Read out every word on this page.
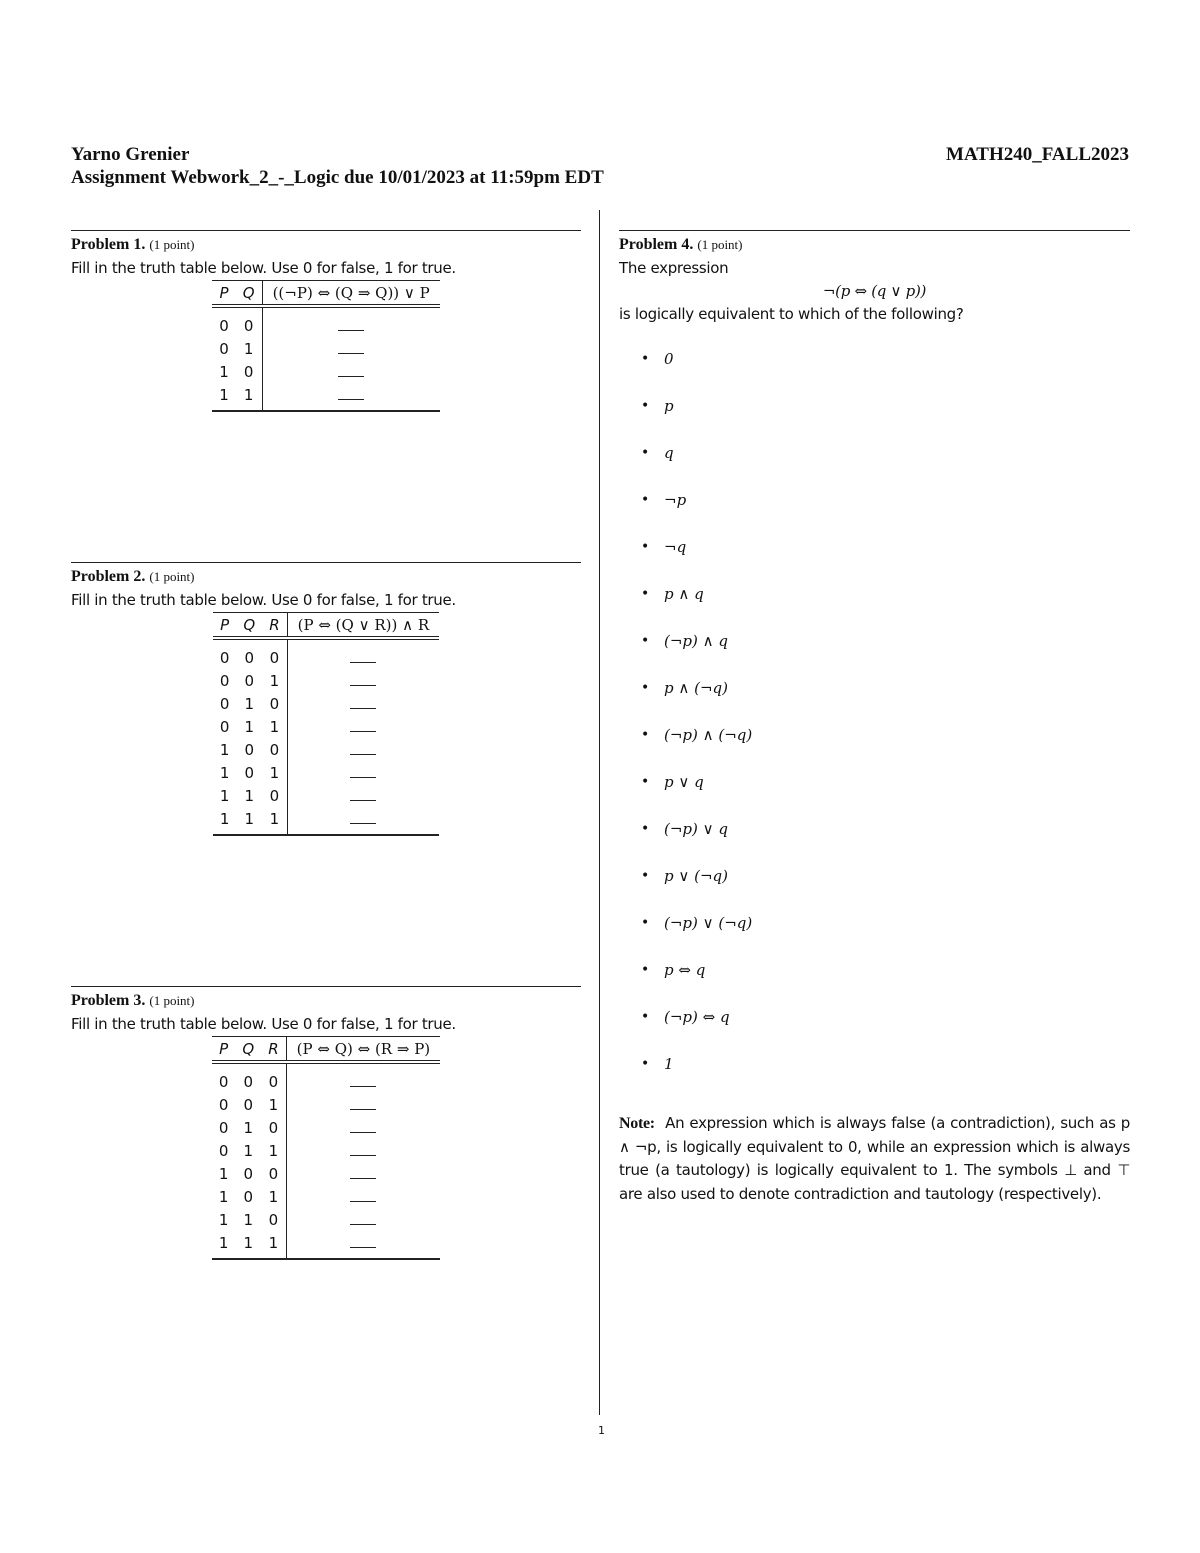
Yarno Grenier	MATH240_FALL2023
Assignment Webwork_2_-_Logic due 10/01/2023 at 11:59pm EDT
Problem 1. (1 point)
Fill in the truth table below. Use 0 for false, 1 for true.
P	Q	((¬P) ⇔ (Q ⇒ Q)) ∨ P
0	0	
0	1	
1	0	
1	1	
Problem 2. (1 point)
Fill in the truth table below. Use 0 for false, 1 for true.
P	Q	R	(P ⇔ (Q ∨ R)) ∧ R
0	0	0	
0	0	1	
0	1	0	
0	1	1	
1	0	0	
1	0	1	
1	1	0	
1	1	1	
Problem 3. (1 point)
Fill in the truth table below. Use 0 for false, 1 for true.
P	Q	R	(P ⇔ Q) ⇔ (R ⇒ P)
0	0	0	
0	0	1	
0	1	0	
0	1	1	
1	0	0	
1	0	1	
1	1	0	
1	1	1	
Problem 4. (1 point)
The expression
¬(p ⇔ (q ∨ p))
is logically equivalent to which of the following?
• 0
• p
• q
• ¬p
• ¬q
• p ∧ q
• (¬p) ∧ q
• p ∧ (¬q)
• (¬p) ∧ (¬q)
• p ∨ q
• (¬p) ∨ q
• p ∨ (¬q)
• (¬p) ∨ (¬q)
• p ⇔ q
• (¬p) ⇔ q
• 1
Note: An expression which is always false (a contradiction), such as p ∧ ¬p, is logically equivalent to 0, while an expression which is always true (a tautology) is logically equivalent to 1. The symbols ⊥ and ⊤ are also used to denote contradiction and tautology (respectively).
1
